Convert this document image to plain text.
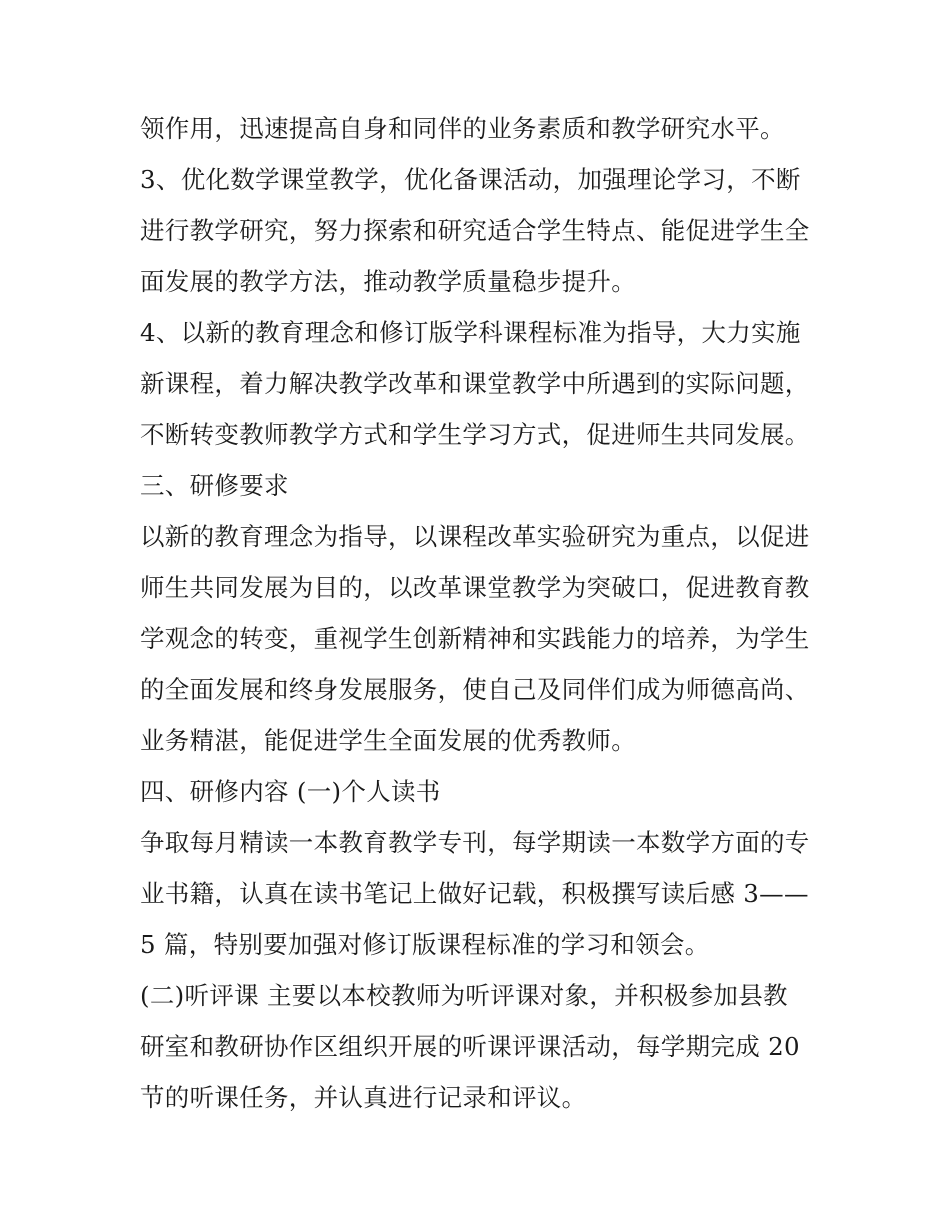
领作用，迅速提高自身和同伴的业务素质和教学研究水平。
3、优化数学课堂教学，优化备课活动，加强理论学习，不断
进行教学研究，努力探索和研究适合学生特点、能促进学生全
面发展的教学方法，推动教学质量稳步提升。
4、以新的教育理念和修订版学科课程标准为指导，大力实施
新课程，着力解决教学改革和课堂教学中所遇到的实际问题，
不断转变教师教学方式和学生学习方式，促进师生共同发展。
三、研修要求
以新的教育理念为指导，以课程改革实验研究为重点，以促进
师生共同发展为目的，以改革课堂教学为突破口，促进教育教
学观念的转变，重视学生创新精神和实践能力的培养，为学生
的全面发展和终身发展服务，使自己及同伴们成为师德高尚、
业务精湛，能促进学生全面发展的优秀教师。
四、研修内容 (一)个人读书
争取每月精读一本教育教学专刊，每学期读一本数学方面的专
业书籍，认真在读书笔记上做好记载，积极撰写读后感 3——
5 篇，特别要加强对修订版课程标准的学习和领会。
(二)听评课 主要以本校教师为听评课对象，并积极参加县教
研室和教研协作区组织开展的听课评课活动，每学期完成 20
节的听课任务，并认真进行记录和评议。
